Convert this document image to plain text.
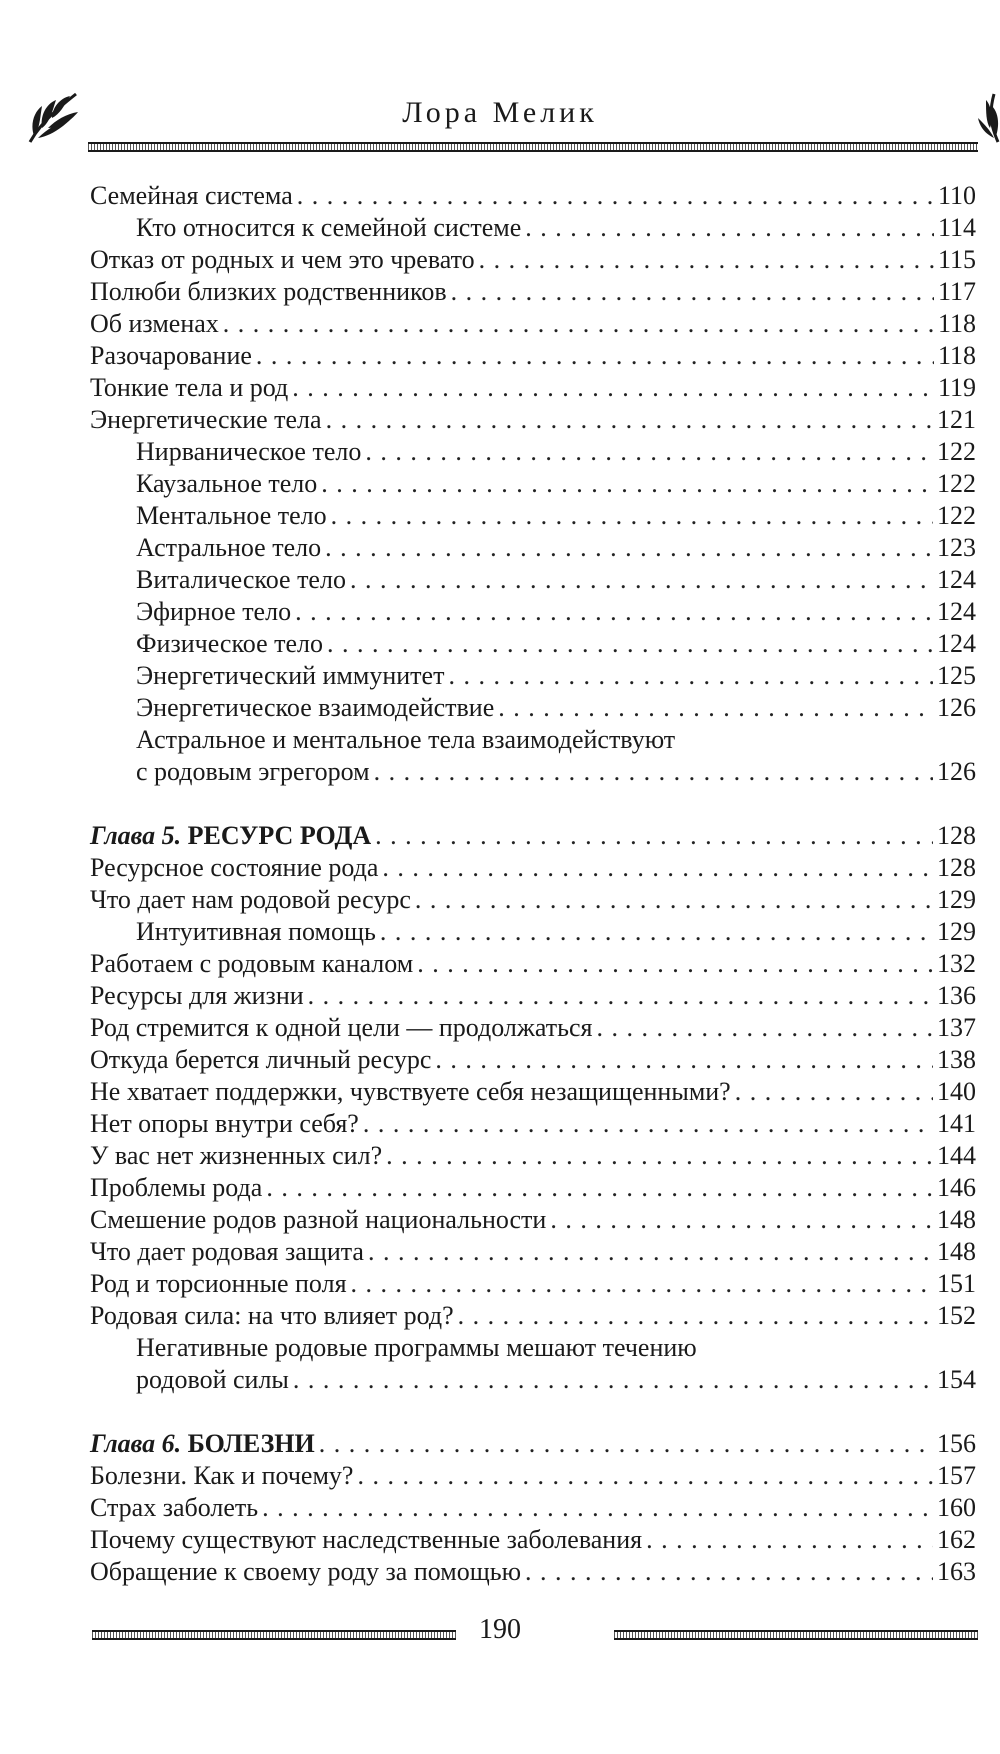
Лора Мелик
Семейная система . . .	110
Кто относится к семейной системе . . .	114
Отказ от родных и чем это чревато . . .	115
Полюби близких родственников . . .	117
Об изменах . . .	118
Разочарование . . .	118
Тонкие тела и род . . .	119
Энергетические тела . . .	121
Нирваническое тело . . .	122
Каузальное тело . . .	122
Ментальное тело . . .	122
Астральное тело . . .	123
Виталическое тело . . .	124
Эфирное тело . . .	124
Физическое тело . . .	124
Энергетический иммунитет . . .	125
Энергетическое взаимодействие . . .	126
Астральное и ментальное тела взаимодействуют
с родовым эгрегором . . .	126
Глава 5. РЕСУРС РОДА . . .	128
Ресурсное состояние рода . . .	128
Что дает нам родовой ресурс . . .	129
Интуитивная помощь . . .	129
Работаем с родовым каналом . . .	132
Ресурсы для жизни . . .	136
Род стремится к одной цели — продолжаться . . .	137
Откуда берется личный ресурс . . .	138
Не хватает поддержки, чувствуете себя незащищенными? . . .	140
Нет опоры внутри себя? . . .	141
У вас нет жизненных сил? . . .	144
Проблемы рода . . .	146
Смешение родов разной национальности . . .	148
Что дает родовая защита . . .	148
Род и торсионные поля . . .	151
Родовая сила: на что влияет род? . . .	152
Негативные родовые программы мешают течению
родовой силы . . .	154
Глава 6. БОЛЕЗНИ . . .	156
Болезни. Как и почему? . . .	157
Страх заболеть . . .	160
Почему существуют наследственные заболевания . . .	162
Обращение к своему роду за помощью . . .	163
190
